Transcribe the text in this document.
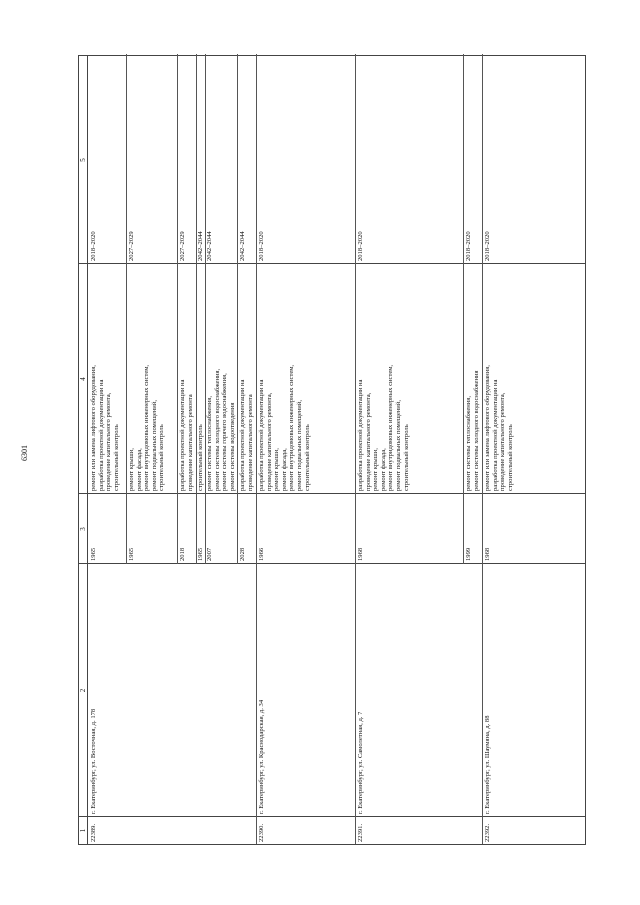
6301
1
2
3
4
5
22389.
г. Екатеринбург, ул. Восточная, д. 178
1965
ремонт или замена лифтового оборудования,
разработка проектной документации на
проведение капитального ремонта,
строительный контроль
2018–2020
1965
ремонт крыши,
ремонт фасада,
ремонт внутридомовых инженерных систем,
ремонт подвальных помещений,
строительный контроль
2027–2029
2018
разработка проектной документации на
проведение капитального ремонта
2027–2029
1965
строительный контроль
2042–2044
2007
ремонт системы теплоснабжения,
ремонт системы холодного водоснабжения,
ремонт системы горячего водоснабжения,
ремонт системы водоотведения
2042–2044
2028
разработка проектной документации на
проведение капитального ремонта
2042–2044
22390.
г. Екатеринбург, ул. Краснодарская, д. 34
1966
разработка проектной документации на
проведение капитального ремонта,
ремонт крыши,
ремонт фасада,
ремонт внутридомовых инженерных систем,
ремонт подвальных помещений,
строительный контроль
2018–2020
22391.
г. Екатеринбург, ул. Самолетная, д. 7
1968
разработка проектной документации на
проведение капитального ремонта,
ремонт крыши,
ремонт фасада,
ремонт внутридомовых инженерных систем,
ремонт подвальных помещений,
строительный контроль
2018–2020
1999
ремонт системы теплоснабжения,
ремонт системы холодного водоснабжения
2018–2020
22392.
г. Екатеринбург, ул. Шаумяна, д. 88
1968
ремонт или замена лифтового оборудования,
разработка проектной документации на
проведение капитального ремонта,
строительный контроль
2018–2020
